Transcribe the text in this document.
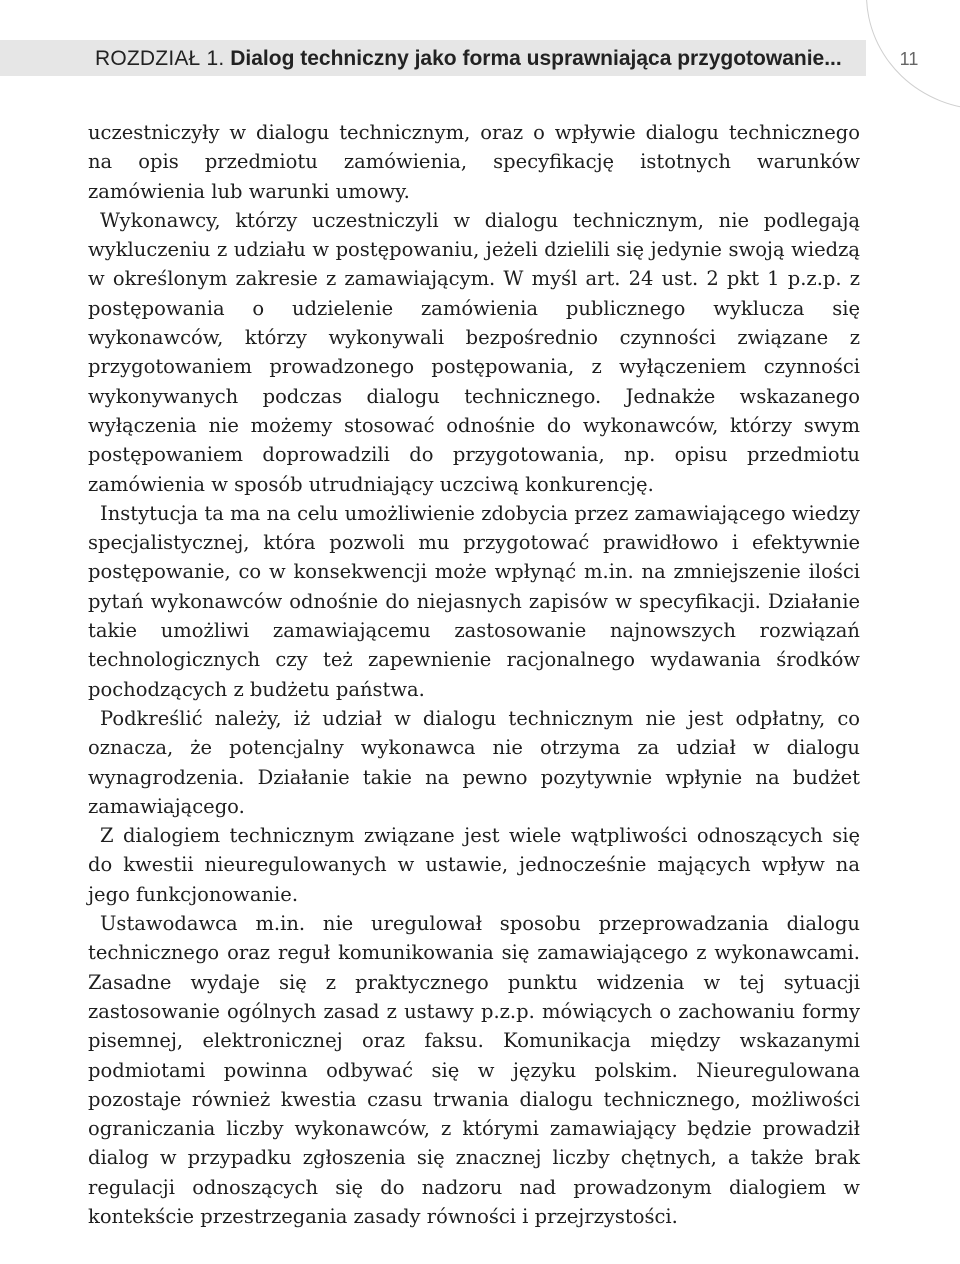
ROZDZIAŁ 1. Dialog techniczny jako forma usprawniająca przygotowanie...	11

uczestniczyły w dialogu technicznym, oraz o wpływie dialogu technicznego na opis przedmiotu zamówienia, specyfikację istotnych warunków zamówienia lub warunki umowy.

Wykonawcy, którzy uczestniczyli w dialogu technicznym, nie podlegają wykluczeniu z udziału w postępowaniu, jeżeli dzielili się jedynie swoją wiedzą w określonym zakresie z zamawiającym. W myśl art. 24 ust. 2 pkt 1 p.z.p. z postępowania o udzielenie zamówienia publicznego wyklucza się wykonawców, którzy wykonywali bezpośrednio czynności związane z przygotowaniem prowadzonego postępowania, z wyłączeniem czynności wykonywanych podczas dialogu technicznego. Jednakże wskazanego wyłączenia nie możemy stosować odnośnie do wykonawców, którzy swym postępowaniem doprowadzili do przygotowania, np. opisu przedmiotu zamówienia w sposób utrudniający uczciwą konkurencję.

Instytucja ta ma na celu umożliwienie zdobycia przez zamawiającego wiedzy specjalistycznej, która pozwoli mu przygotować prawidłowo i efektywnie postępowanie, co w konsekwencji może wpłynąć m.in. na zmniejszenie ilości pytań wykonawców odnośnie do niejasnych zapisów w specyfikacji. Działanie takie umożliwi zamawiającemu zastosowanie najnowszych rozwiązań technologicznych czy też zapewnienie racjonalnego wydawania środków pochodzących z budżetu państwa.

Podkreślić należy, iż udział w dialogu technicznym nie jest odpłatny, co oznacza, że potencjalny wykonawca nie otrzyma za udział w dialogu wynagrodzenia. Działanie takie na pewno pozytywnie wpłynie na budżet zamawiającego.

Z dialogiem technicznym związane jest wiele wątpliwości odnoszących się do kwestii nieuregulowanych w ustawie, jednocześnie mających wpływ na jego funkcjonowanie.

Ustawodawca m.in. nie uregulował sposobu przeprowadzania dialogu technicznego oraz reguł komunikowania się zamawiającego z wykonawcami. Zasadne wydaje się z praktycznego punktu widzenia w tej sytuacji zastosowanie ogólnych zasad z ustawy p.z.p. mówiących o zachowaniu formy pisemnej, elektronicznej oraz faksu. Komunikacja między wskazanymi podmiotami powinna odbywać się w języku polskim. Nieuregulowana pozostaje również kwestia czasu trwania dialogu technicznego, możliwości ograniczania liczby wykonawców, z którymi zamawiający będzie prowadził dialog w przypadku zgłoszenia się znacznej liczby chętnych, a także brak regulacji odnoszących się do nadzoru nad prowadzonym dialogiem w kontekście przestrzegania zasady równości i przejrzystości.
